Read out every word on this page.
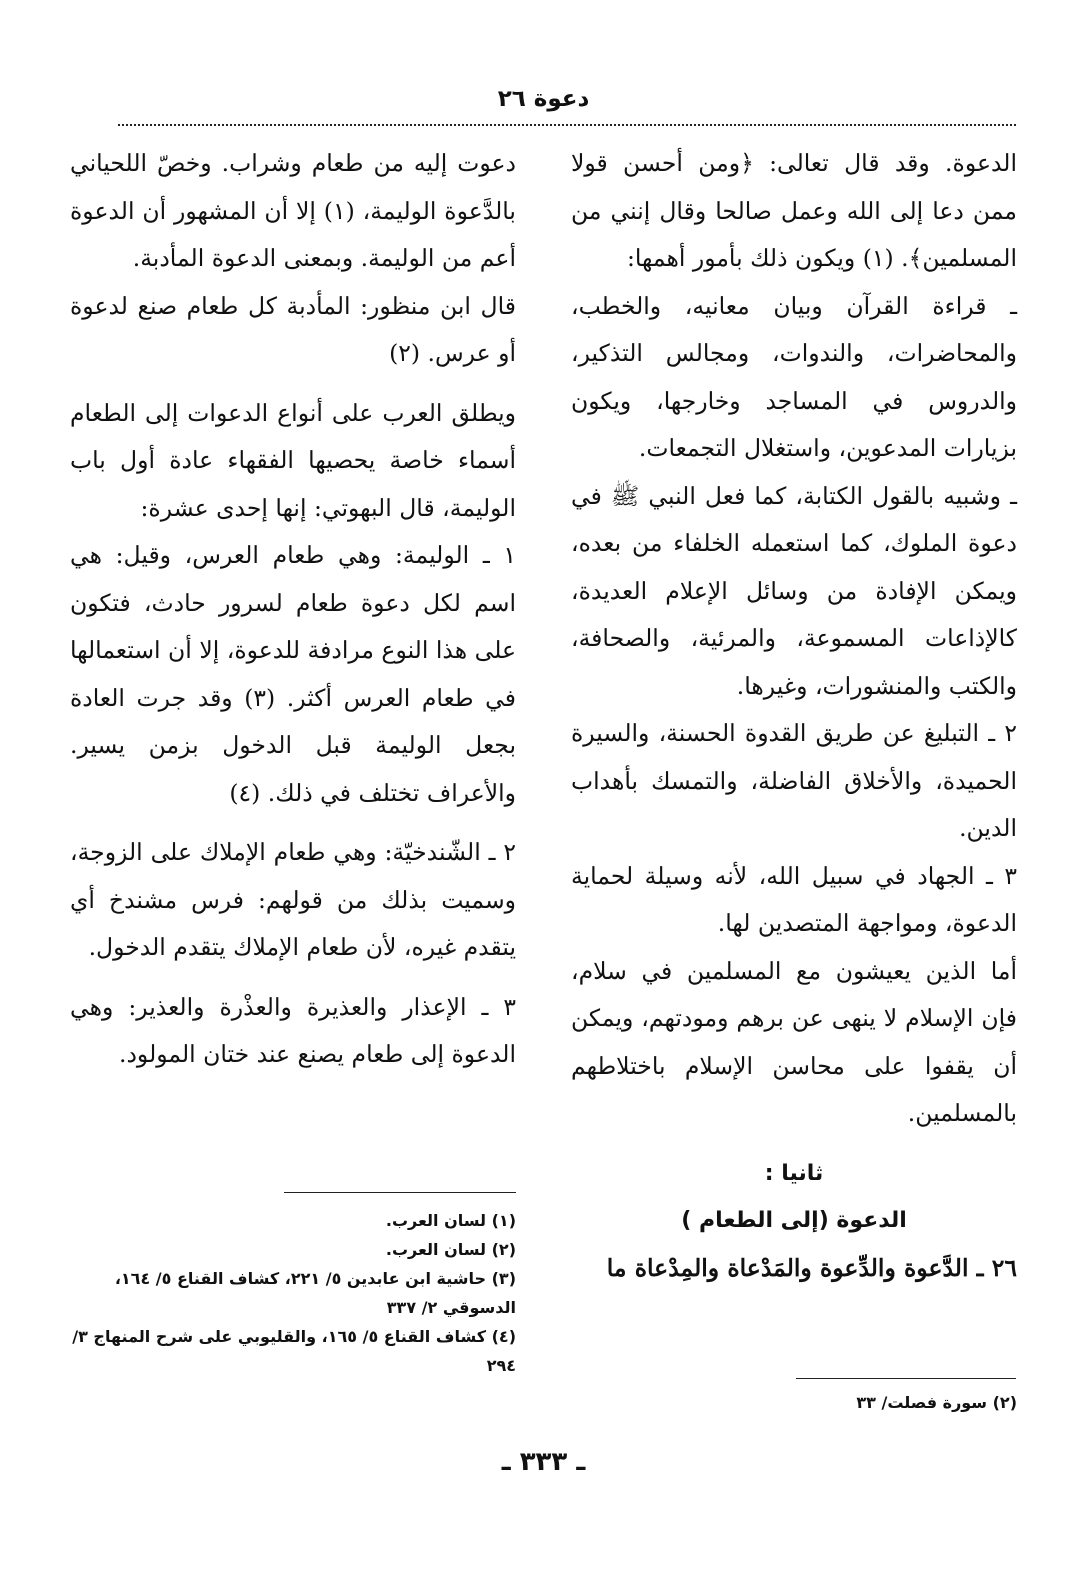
دعوة ٢٦

الدعوة. وقد قال تعالى: ﴿ومن أحسن قولا ممن دعا إلى الله وعمل صالحا وقال إنني من المسلمين﴾. (١) ويكون ذلك بأمور أهمها:

ـ قراءة القرآن وبيان معانيه، والخطب، والمحاضرات، والندوات، ومجالس التذكير، والدروس في المساجد وخارجها، ويكون بزيارات المدعوين، واستغلال التجمعات.

ـ وشبيه بالقول الكتابة، كما فعل النبي ﷺ في دعوة الملوك، كما استعمله الخلفاء من بعده، ويمكن الإفادة من وسائل الإعلام العديدة، كالإذاعات المسموعة، والمرئية، والصحافة، والكتب والمنشورات، وغيرها.

٢ ـ التبليغ عن طريق القدوة الحسنة، والسيرة الحميدة، والأخلاق الفاضلة، والتمسك بأهداب الدين.

٣ ـ الجهاد في سبيل الله، لأنه وسيلة لحماية الدعوة، ومواجهة المتصدين لها.

أما الذين يعيشون مع المسلمين في سلام، فإن الإسلام لا ينهى عن برهم ومودتهم، ويمكن أن يقفوا على محاسن الإسلام باختلاطهم بالمسلمين.

ثانيا :

الدعوة (إلى الطعام )

٢٦ ـ الدَّعوة والدِّعوة والمَدْعاة والمِدْعاة ما

دعوت إليه من طعام وشراب. وخصّ اللحياني بالدَّعوة الوليمة، (١) إلا أن المشهور أن الدعوة أعم من الوليمة. وبمعنى الدعوة المأدبة.

قال ابن منظور: المأدبة كل طعام صنع لدعوة أو عرس. (٢)

ويطلق العرب على أنواع الدعوات إلى الطعام أسماء خاصة يحصيها الفقهاء عادة أول باب الوليمة، قال البهوتي: إنها إحدى عشرة:

١ ـ الوليمة: وهي طعام العرس، وقيل: هي اسم لكل دعوة طعام لسرور حادث، فتكون على هذا النوع مرادفة للدعوة، إلا أن استعمالها في طعام العرس أكثر. (٣) وقد جرت العادة بجعل الوليمة قبل الدخول بزمن يسير. والأعراف تختلف في ذلك. (٤)

٢ ـ الشّندخيّة: وهي طعام الإملاك على الزوجة، وسميت بذلك من قولهم: فرس مشندخ أي يتقدم غيره، لأن طعام الإملاك يتقدم الدخول.

٣ ـ الإعذار والعذيرة والعذْرة والعذير: وهي الدعوة إلى طعام يصنع عند ختان المولود.

(١) لسان العرب.

(٢) لسان العرب.

(٣) حاشية ابن عابدين ٥/ ٢٢١، كشاف القناع ٥/ ١٦٤، الدسوقي ٢/ ٣٣٧

(٤) كشاف القناع ٥/ ١٦٥، والقليوبي على شرح المنهاج ٣/ ٢٩٤

(٢) سورة فصلت/ ٣٣

ـ ٣٣٣ ـ
